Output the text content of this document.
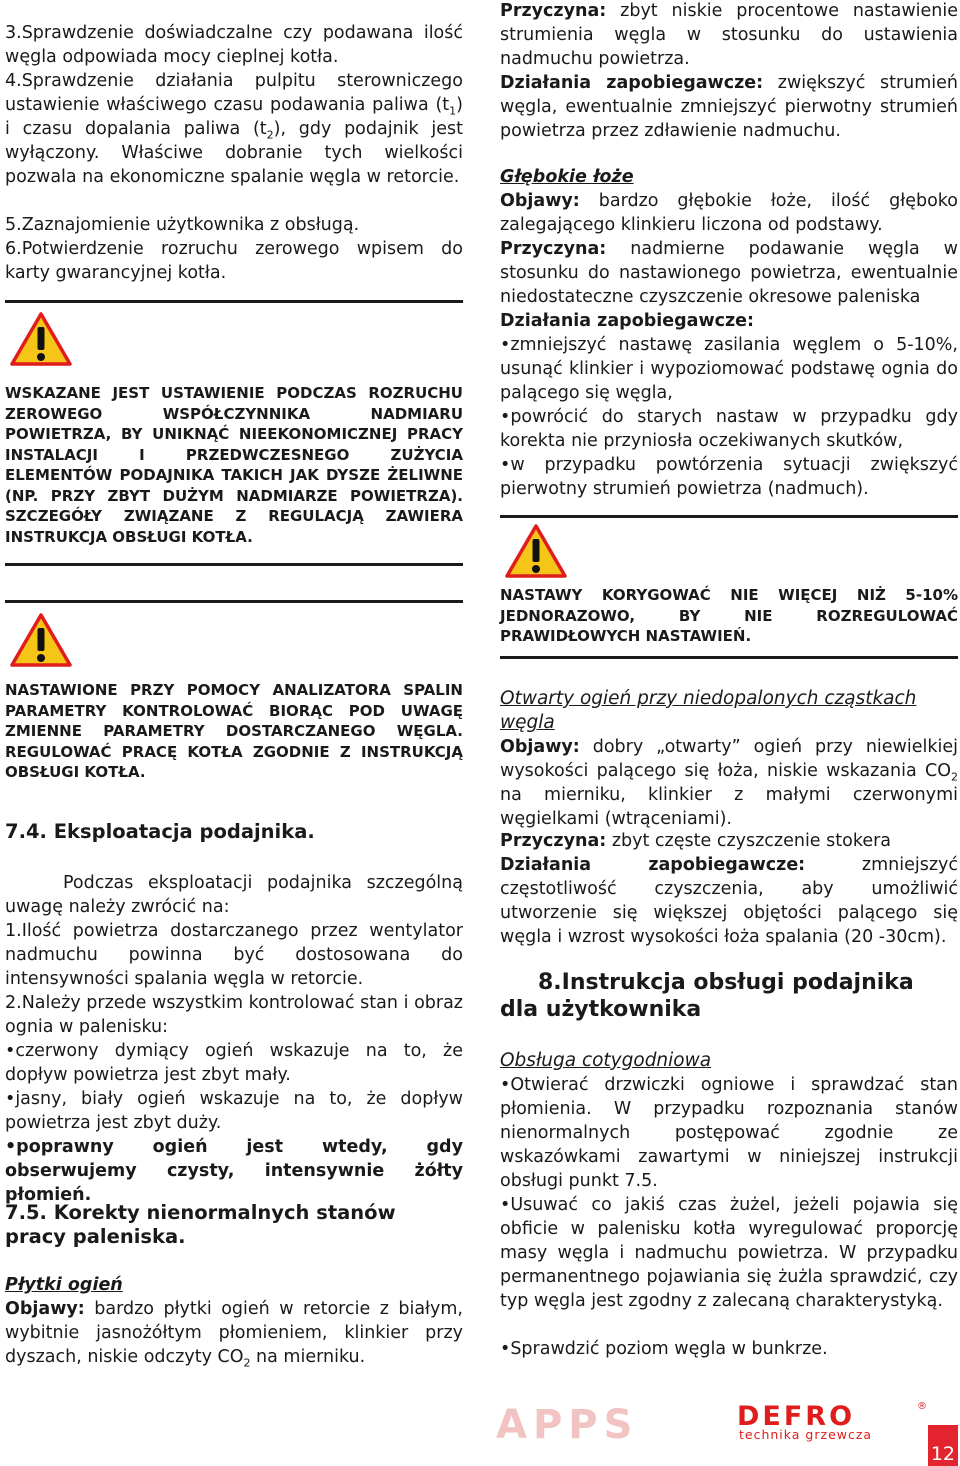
3.Sprawdzenie doświadczalne czy podawana ilość węgla odpowiada mocy cieplnej kotła.

4.Sprawdzenie działania pulpitu sterowniczego ustawienie właściwego czasu podawania paliwa $(t_1)$ i czasu dopalania paliwa $(t_2)$, gdy podajnik jest wyłączony. Właściwe dobranie tych wielkości pozwala na ekonomiczne spalanie węgla w retorcie.

5.Zaznajomienie użytkownika z obsługą.

6.Potwierdzenie rozruchu zerowego wpisem do karty gwarancyjnej kotła.

WSKAZANE JEST USTAWIENIE PODCZAS ROZRUCHU ZEROWEGO WSPÓŁCZYNNIKA NADMIARU POWIETRZA, BY UNIKNĄĆ NIEEKONOMICZNEJ PRACY INSTALACJI I PRZEDWCZESNEGO ZUŻYCIA ELEMENTÓW PODAJNIKA TAKICH JAK DYSZE ŻELIWNE (NP. PRZY ZBYT DUŻYM NADMIARZE POWIETRZA). SZCZEGÓŁY ZWIĄZANE Z REGULACJĄ ZAWIERA INSTRUKCJA OBSŁUGI KOTŁA.

NASTAWIONE PRZY POMOCY ANALIZATORA SPALIN PARAMETRY KONTROLOWAĆ BIORĄC POD UWAGĘ ZMIENNE PARAMETRY DOSTARCZANEGO WĘGLA. REGULOWAĆ PRACĘ KOTŁA ZGODNIE Z INSTRUKCJĄ OBSŁUGI KOTŁA.

7.4. Eksploatacja podajnika.

Podczas eksploatacji podajnika szczególną uwagę należy zwrócić na:

1.Ilość powietrza dostarczanego przez wentylator nadmuchu powinna być dostosowana do intensywności spalania węgla w retorcie.

2.Należy przede wszystkim kontrolować stan i obraz ognia w palenisku:

•czerwony dymiący ogień wskazuje na to, że dopływ powietrza jest zbyt mały.

•jasny, biały ogień wskazuje na to, że dopływ powietrza jest zbyt duży.

•poprawny ogień jest wtedy, gdy obserwujemy czysty, intensywnie żółty płomień.

7.5. Korekty nienormalnych stanów pracy paleniska.

Płytki ogień

Objawy: bardzo płytki ogień w retorcie z białym, wybitnie jasnożółtym płomieniem, klinkier przy dyszach, niskie odczyty $CO_2$ na mierniku.

Przyczyna: zbyt niskie procentowe nastawienie strumienia węgla w stosunku do ustawienia nadmuchu powietrza.

Działania zapobiegawcze: zwiększyć strumień węgla, ewentualnie zmniejszyć pierwotny strumień powietrza przez zdławienie nadmuchu.

Głębokie łoże

Objawy: bardzo głębokie łoże, ilość głęboko zalegającego klinkieru liczona od podstawy.

Przyczyna: nadmierne podawanie węgla w stosunku do nastawionego powietrza, ewentualnie niedostateczne czyszczenie okresowe paleniska

Działania zapobiegawcze:

•zmniejszyć nastawę zasilania węglem o 5-10%, usunąć klinkier i wypoziomować podstawę ognia do palącego się węgla,

•powrócić do starych nastaw w przypadku gdy korekta nie przyniosła oczekiwanych skutków,

•w przypadku powtórzenia sytuacji zwiększyć pierwotny strumień powietrza (nadmuch).

NASTAWY KORYGOWAĆ NIE WIĘCEJ NIŻ 5-10% JEDNORAZOWO, BY NIE ROZREGULOWAĆ PRAWIDŁOWYCH NASTAWIEŃ.

Otwarty ogień przy niedopalonych cząstkach węgla

Objawy: dobry „otwarty” ogień przy niewielkiej wysokości palącego się łoża, niskie wskazania $CO_2$ na mierniku, klinkier z małymi czerwonymi węgielkami (wtrąceniami).

Przyczyna: zbyt częste czyszczenie stokera

Działania zapobiegawcze: zmniejszyć częstotliwość czyszczenia, aby umożliwić utworzenie się większej objętości palącego się węgla i wzrost wysokości łoża spalania (20 -30cm).

8.Instrukcja obsługi podajnika dla użytkownika

Obsługa cotygodniowa

•Otwierać drzwiczki ogniowe i sprawdzać stan płomienia. W przypadku rozpoznania stanów nienormalnych postępować zgodnie ze wskazówkami zawartymi w niniejszej instrukcji obsługi punkt 7.5.

•Usuwać co jakiś czas żużel, jeżeli pojawia się obficie w palenisku kotła wyregulować proporcję masy węgla i nadmuchu powietrza. W przypadku permanentnego pojawiania się żużla sprawdzić, czy typ węgla jest zgodny z zalecaną charakterystyką.

•Sprawdzić poziom węgla w bunkrze.

APPS	DEFRO	®
technika grzewcza
12
